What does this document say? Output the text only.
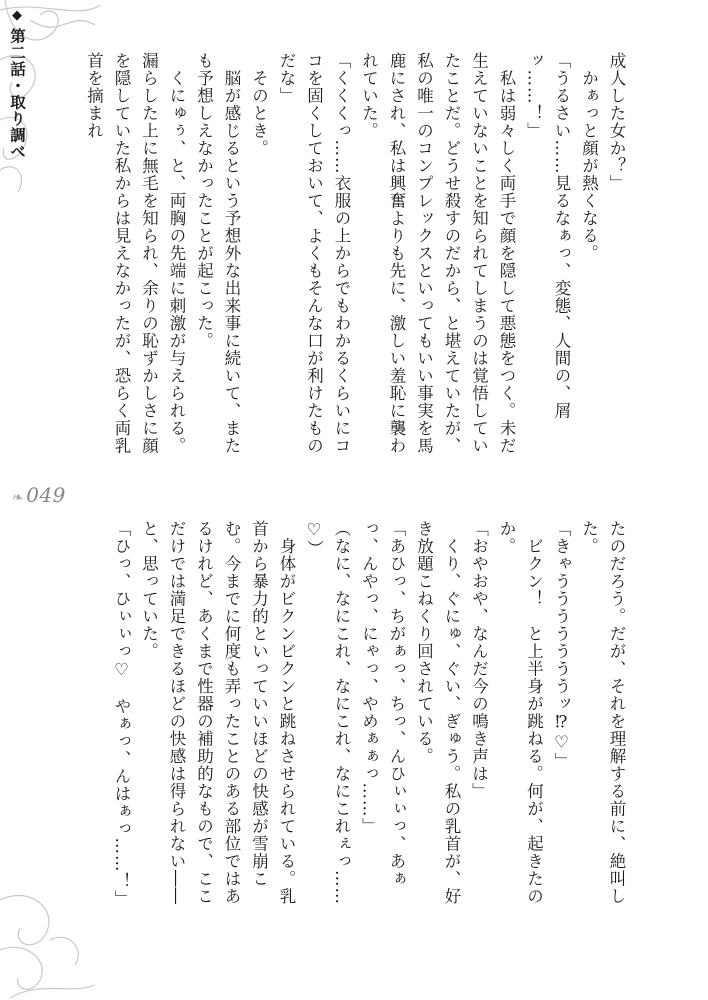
◆
第二話・取り調べ
❧ 049

成人した女か？」

　かぁっと顔が熱くなる。

「うるさい……見るなぁっ、変態、人間の、屑ッ……！」

　私は弱々しく両手で顔を隠して悪態をつく。未だ生えていないことを知られてしまうのは覚悟していたことだ。どうせ殺すのだから、と堪えていたが、私の唯一のコンプレックスといってもいい事実を馬鹿にされ、私は興奮よりも先に、激しい羞恥に襲われていた。

「くくくっ……衣服の上からでもわかるくらいにココを固くしておいて、よくもそんな口が利けたものだな」

　そのとき。

　脳が感じるという予想外な出来事に続いて、またも予想しえなかったことが起こった。

　くにゅぅ、と、両胸の先端に刺激が与えられる。漏らした上に無毛を知られ、余りの恥ずかしさに顔を隠していた私からは見えなかったが、恐らく両乳首を摘まれ

たのだろう。だが、それを理解する前に、絶叫した。

「きゃうううううううッ⁉♡」

　ビクン！　と上半身が跳ねる。何が、起きたのか。

「おやおや、なんだ今の鳴き声は」

　くり、ぐにゅ、ぐい、ぎゅう。私の乳首が、好き放題こねくり回されている。

「あひっ、ちがぁっ、ちっ、んひぃぃっ、あぁっ、んやっ、にゃっ、やめぁぁっ……」

（なに、なにこれ、なにこれ、なにこれぇっ……♡）

　身体がビクンビクンと跳ねさせられている。乳首から暴力的といっていいほどの快感が雪崩こむ。今までに何度も弄ったことのある部位ではあるけれど、あくまで性器の補助的なもので、ここだけでは満足できるほどの快感は得られない――と、思っていた。

「ひっ、ひぃぃっ♡　やぁっ、んはぁっ……！」
